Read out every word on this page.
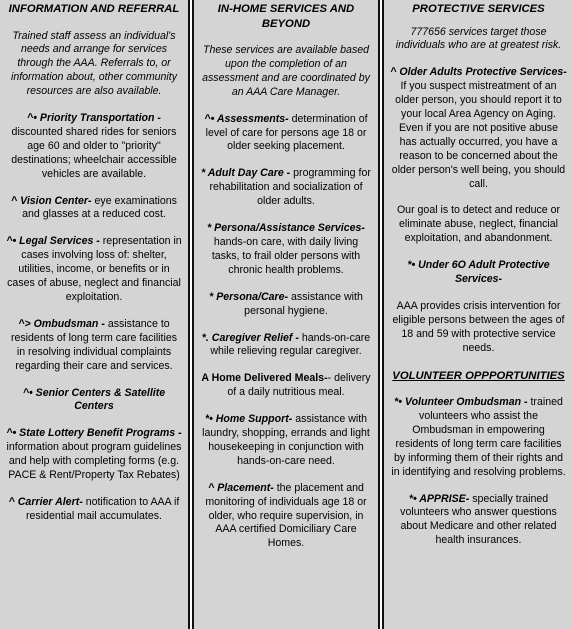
INFORMATION AND REFERRAL

Trained staff assess an individual's needs and arrange for services through the AAA. Referrals to, or information about, other community resources are also available.

^• Priority Transportation - discounted shared rides for seniors age 60 and older to "priority" destinations; wheelchair accessible vehicles are available.

^ Vision Center- eye examinations and glasses at a reduced cost.

^• Legal Services - representation in cases involving loss of: shelter, utilities, income, or benefits or in cases of abuse, neglect and financial exploitation.

^> Ombudsman - assistance to residents of long term care facilities in resolving individual complaints regarding their care and services.

^• Senior Centers & Satellite Centers

^• State Lottery Benefit Programs - information about program guidelines and help with completing forms (e.g. PACE & Rent/Property Tax Rebates)

^ Carrier Alert- notification to AAA if residential mail accumulates.

IN-HOME SERVICES AND BEYOND

These services are available based upon the completion of an assessment and are coordinated by an AAA Care Manager.

^• Assessments- determination of level of care for persons age 18 or older seeking placement.

* Adult Day Care - programming for rehabilitation and socialization of older adults.

* Persona/Assistance Services- hands-on care, with daily living tasks, to frail older persons with chronic health problems.

* Persona/Care- assistance with personal hygiene.

*. Caregiver Relief - hands-on-care while relieving regular caregiver.

A Home Delivered Meals-- delivery of a daily nutritious meal.

*• Home Support- assistance with laundry, shopping, errands and light housekeeping in conjunction with hands-on-care need.

^ Placement- the placement and monitoring of individuals age 18 or older, who require supervision, in AAA certified Domiciliary Care Homes.

PROTECTIVE SERVICES

777656 services target those individuals who are at greatest risk.

^ Older Adults Protective Services- If you suspect mistreatment of an older person, you should report it to your local Area Agency on Aging. Even if you are not positive abuse has actually occurred, you have a reason to be concerned about the older person's well being, you should call.

Our goal is to detect and reduce or eliminate abuse, neglect, financial exploitation, and abandonment.

*• Under 6O Adult Protective Services-

AAA provides crisis intervention for eligible persons between the ages of 18 and 59 with protective service needs.

VOLUNTEER OPPPORTUNITIES

*• Volunteer Ombudsman - trained volunteers who assist the Ombudsman in empowering residents of long term care facilities by informing them of their rights and in identifying and resolving problems.

*• APPRISE- specially trained volunteers who answer questions about Medicare and other related health insurances.
